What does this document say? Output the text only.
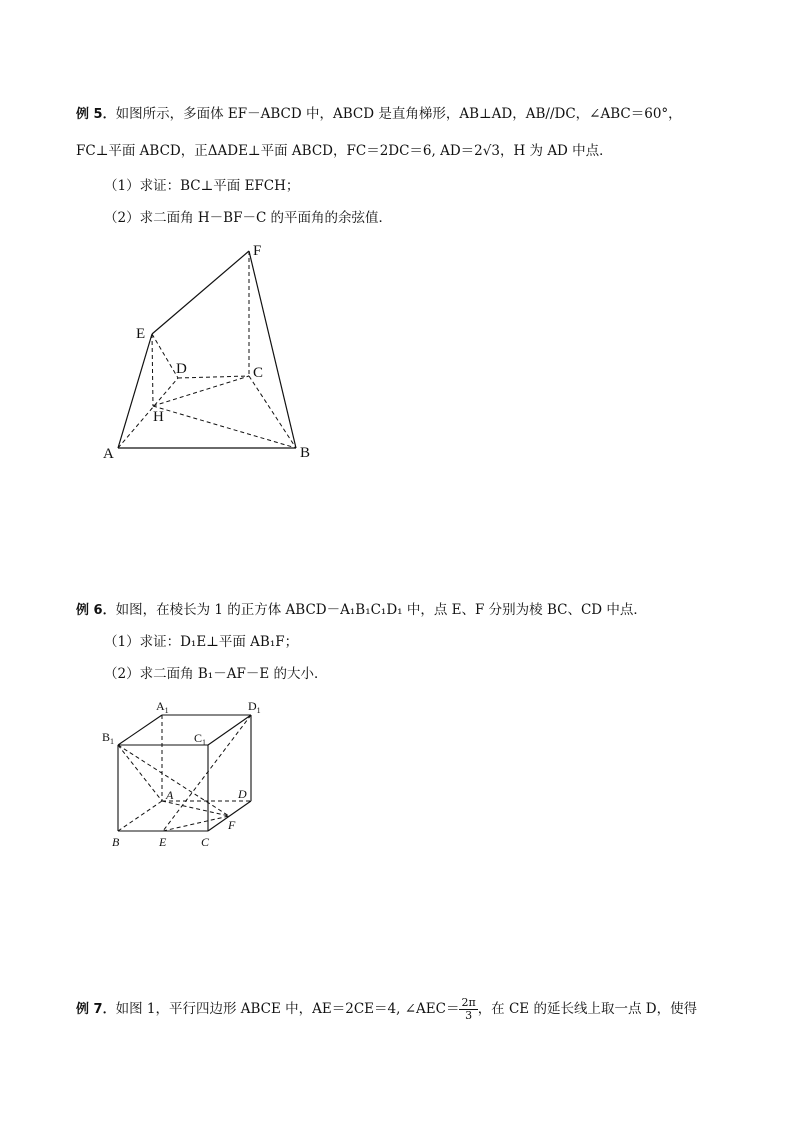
例 5．如图所示，多面体 EF－ABCD 中，ABCD 是直角梯形，AB⊥AD，AB//DC，∠ABC＝60°，
FC⊥平面 ABCD，正ΔADE⊥平面 ABCD，FC＝2DC＝6, AD＝2√3，H 为 AD 中点．
（1）求证：BC⊥平面 EFCH；
（2）求二面角 H－BF－C 的平面角的余弦值．
F
E
D	C
H
A	B
例 6．如图，在棱长为 1 的正方体 ABCD－A₁B₁C₁D₁ 中，点 E、F 分别为棱 BC、CD 中点．
（1）求证：D₁E⊥平面 AB₁F；
（2）求二面角 B₁－AF－E 的大小．
$A_1$	$D_1$
$B_1$	$C_1$
A	D
F
B	E	C
例 7．如图 1，平行四边形 ABCE 中，AE＝2CE＝4, ∠AEC＝ $\frac{2\pi}{3}$ ，在 CE 的延长线上取一点 D，使得
